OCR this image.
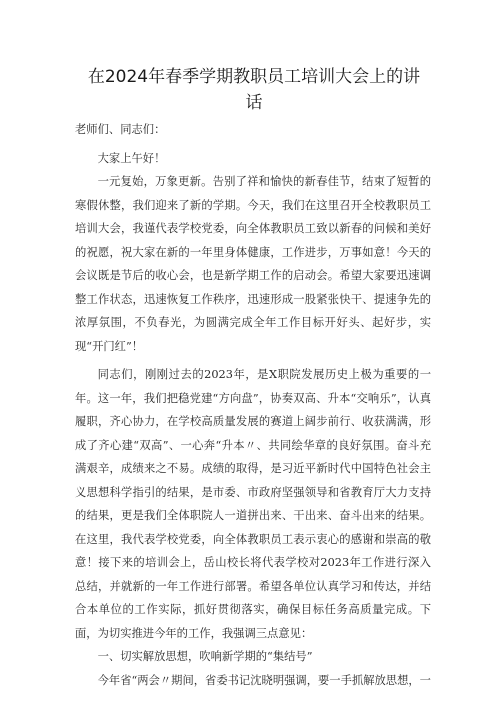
在2024年春季学期教职员工培训大会上的讲话

老师们、同志们：

大家上午好！

一元复始，万象更新。告别了祥和愉快的新春佳节，结束了短暂的寒假休整，我们迎来了新的学期。今天，我们在这里召开全校教职员工培训大会，我谨代表学校党委，向全体教职员工致以新春的问候和美好的祝愿，祝大家在新的一年里身体健康，工作进步，万事如意！今天的会议既是节后的收心会，也是新学期工作的启动会。希望大家要迅速调整工作状态，迅速恢复工作秩序，迅速形成一股紧张快干、提速争先的浓厚氛围，不负春光，为圆满完成全年工作目标开好头、起好步，实现“开门红”！

同志们，刚刚过去的2023年，是X职院发展历史上极为重要的一年。这一年，我们把稳党建“方向盘”，协奏双高、升本“交响乐”，认真履职，齐心协力，在学校高质量发展的赛道上阔步前行、收获满满，形成了齐心建“双高”、一心奔“升本〃、共同绘华章的良好氛围。奋斗充满艰辛，成绩来之不易。成绩的取得，是习近平新时代中国特色社会主义思想科学指引的结果，是市委、市政府坚强领导和省教育厅大力支持的结果，更是我们全体职院人一道拼出来、干出来、奋斗出来的结果。在这里，我代表学校党委，向全体教职员工表示衷心的感谢和崇高的敬意！接下来的培训会上，岳山校长将代表学校对2023年工作进行深入总结，并就新的一年工作进行部署。希望各单位认真学习和传达，并结合本单位的工作实际，抓好贯彻落实，确保目标任务高质量完成。下面，为切实推进今年的工作，我强调三点意见：

一、切实解放思想，吹响新学期的“集结号”

今年省“两会〃期间，省委书记沈晓明强调，要一手抓解放思想，一
